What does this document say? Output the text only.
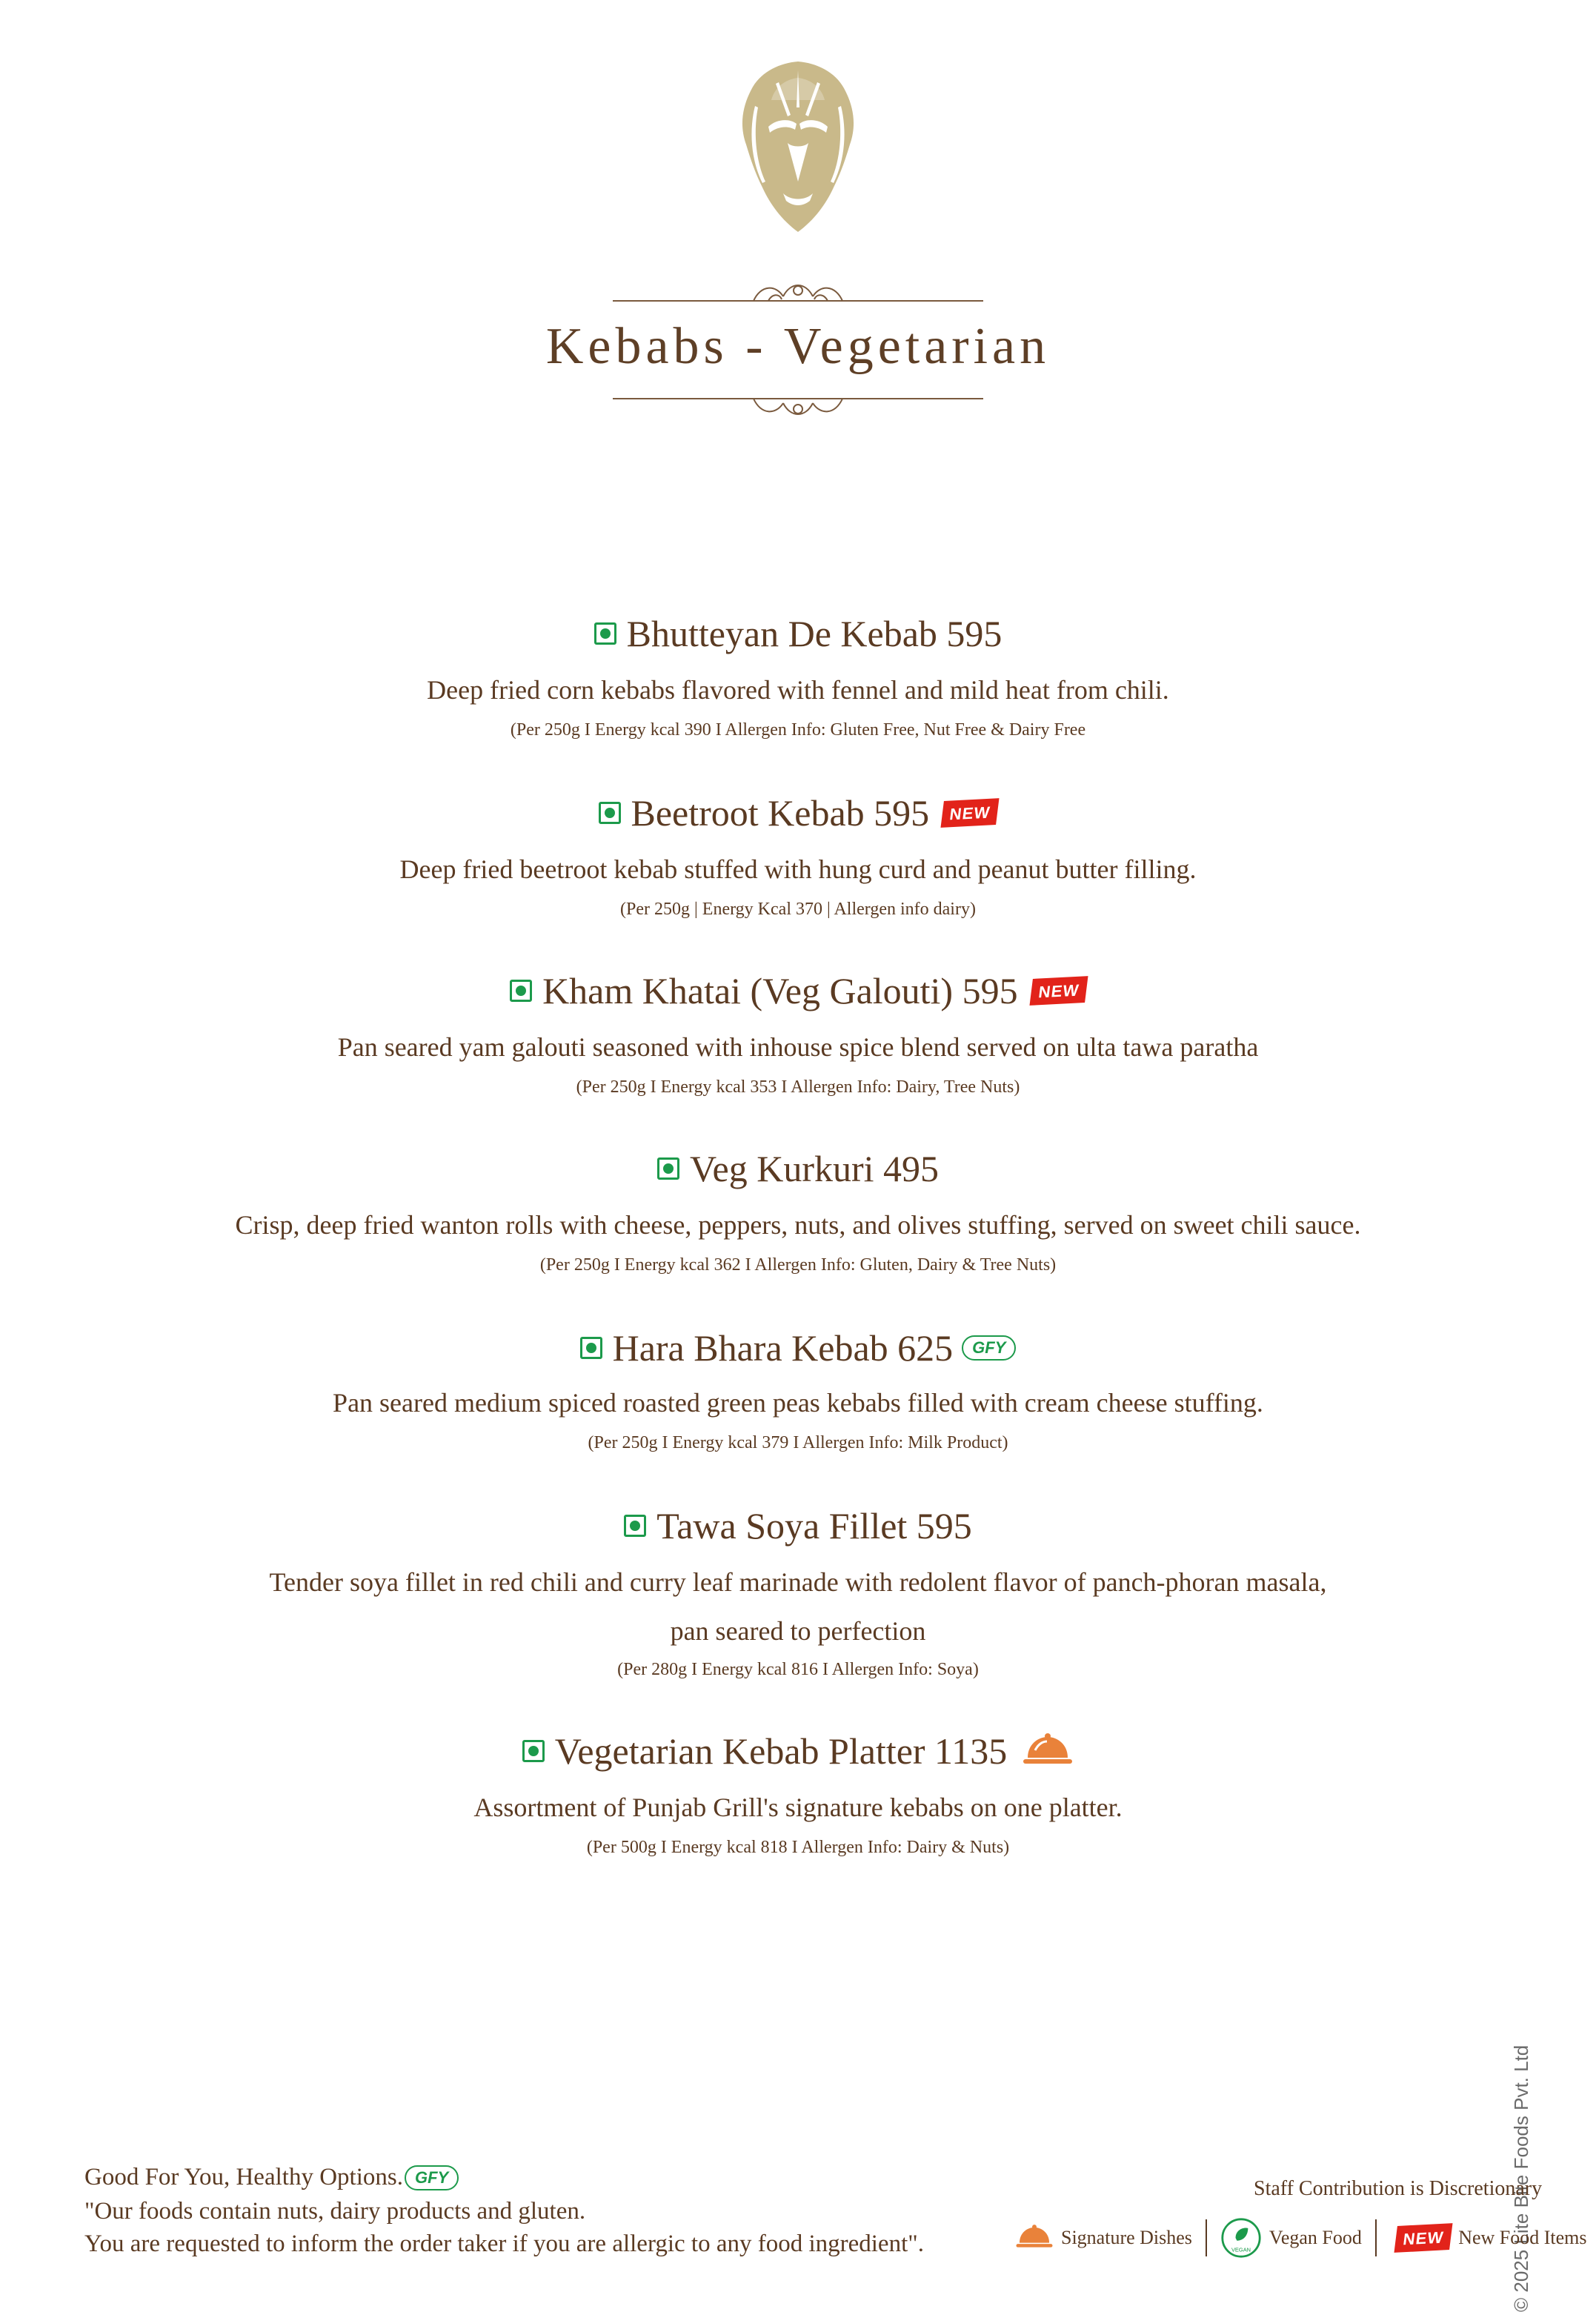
Kebabs - Vegetarian
Bhutteyan De Kebab 595
Deep fried corn kebabs flavored with fennel and mild heat from chili.
(Per 250g I Energy kcal 390 I Allergen Info: Gluten Free, Nut Free & Dairy Free
Beetroot Kebab 595	NEW
Deep fried beetroot kebab stuffed with hung curd and peanut butter filling.
(Per 250g | Energy Kcal 370 | Allergen info dairy)
Kham Khatai (Veg Galouti) 595	NEW
Pan seared yam galouti seasoned with inhouse spice blend served on ulta tawa paratha
(Per 250g I Energy kcal 353 I Allergen Info: Dairy, Tree Nuts)
Veg Kurkuri 495
Crisp, deep fried wanton rolls with cheese, peppers, nuts, and olives stuffing, served on sweet chili sauce.
(Per 250g I Energy kcal 362 I Allergen Info: Gluten, Dairy & Tree Nuts)
Hara Bhara Kebab 625	GFY
Pan seared medium spiced roasted green peas kebabs filled with cream cheese stuffing.
(Per 250g I Energy kcal 379 I Allergen Info: Milk Product)
Tawa Soya Fillet 595
Tender soya fillet in red chili and curry leaf marinade with redolent flavor of panch-phoran masala,
pan seared to perfection
(Per 280g I Energy kcal 816 I Allergen Info: Soya)
Vegetarian Kebab Platter 1135
Assortment of Punjab Grill's signature kebabs on one platter.
(Per 500g I Energy kcal 818 I Allergen Info: Dairy & Nuts)
© 2025 Lite Bite Foods Pvt. Ltd
Good For You, Healthy Options. GFY
"Our foods contain nuts, dairy products and gluten.
You are requested to inform the order taker if you are allergic to any food ingredient".
Staff Contribution is Discretionary
Signature Dishes
VEGAN
Vegan Food	NEW New Food Items
